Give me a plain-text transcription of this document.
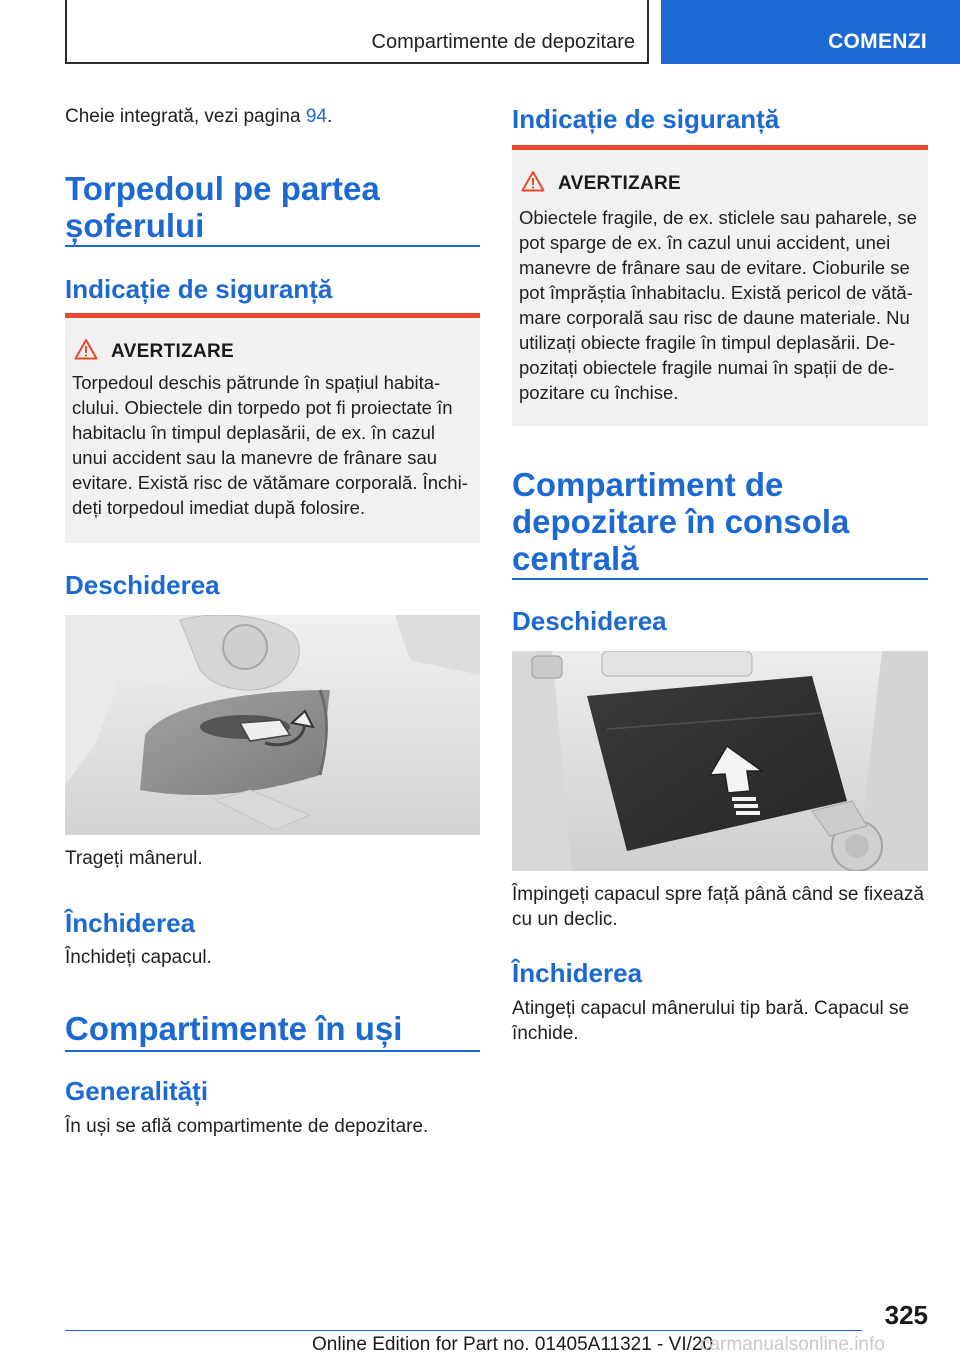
Compartimente de depozitare	COMENZI

Cheie integrată, vezi pagina 94.

Torpedoul pe partea
șoferului
Indicație de siguranță
AVERTIZARE
Torpedoul deschis pătrunde în spațiul habita-
clului. Obiectele din torpedo pot fi proiectate în
habitaclu în timpul deplasării, de ex. în cazul
unui accident sau la manevre de frânare sau
evitare. Există risc de vătămare corporală. Închi-
deți torpedoul imediat după folosire.
Deschiderea

Trageți mânerul.

Închiderea

Închideți capacul.

Compartimente în uși
Generalități

În uși se află compartimente de depozitare.

Indicație de siguranță
AVERTIZARE
Obiectele fragile, de ex. sticlele sau paharele, se
pot sparge de ex. în cazul unui accident, unei
manevre de frânare sau de evitare. Cioburile se
pot împrăștia înhabitaclu. Există pericol de vătă-
mare corporală sau risc de daune materiale. Nu
utilizați obiecte fragile în timpul deplasării. De-
pozitați obiectele fragile numai în spații de de-
pozitare cu închise.
Compartiment de
depozitare în consola
centrală
Deschiderea

Împingeți capacul spre față până când se fixează
cu un declic.

Închiderea

Atingeți capacul mânerului tip bară. Capacul se
închide.

325
Online Edition for Part no. 01405A11321 - VI/20
carmanualsonline.info
